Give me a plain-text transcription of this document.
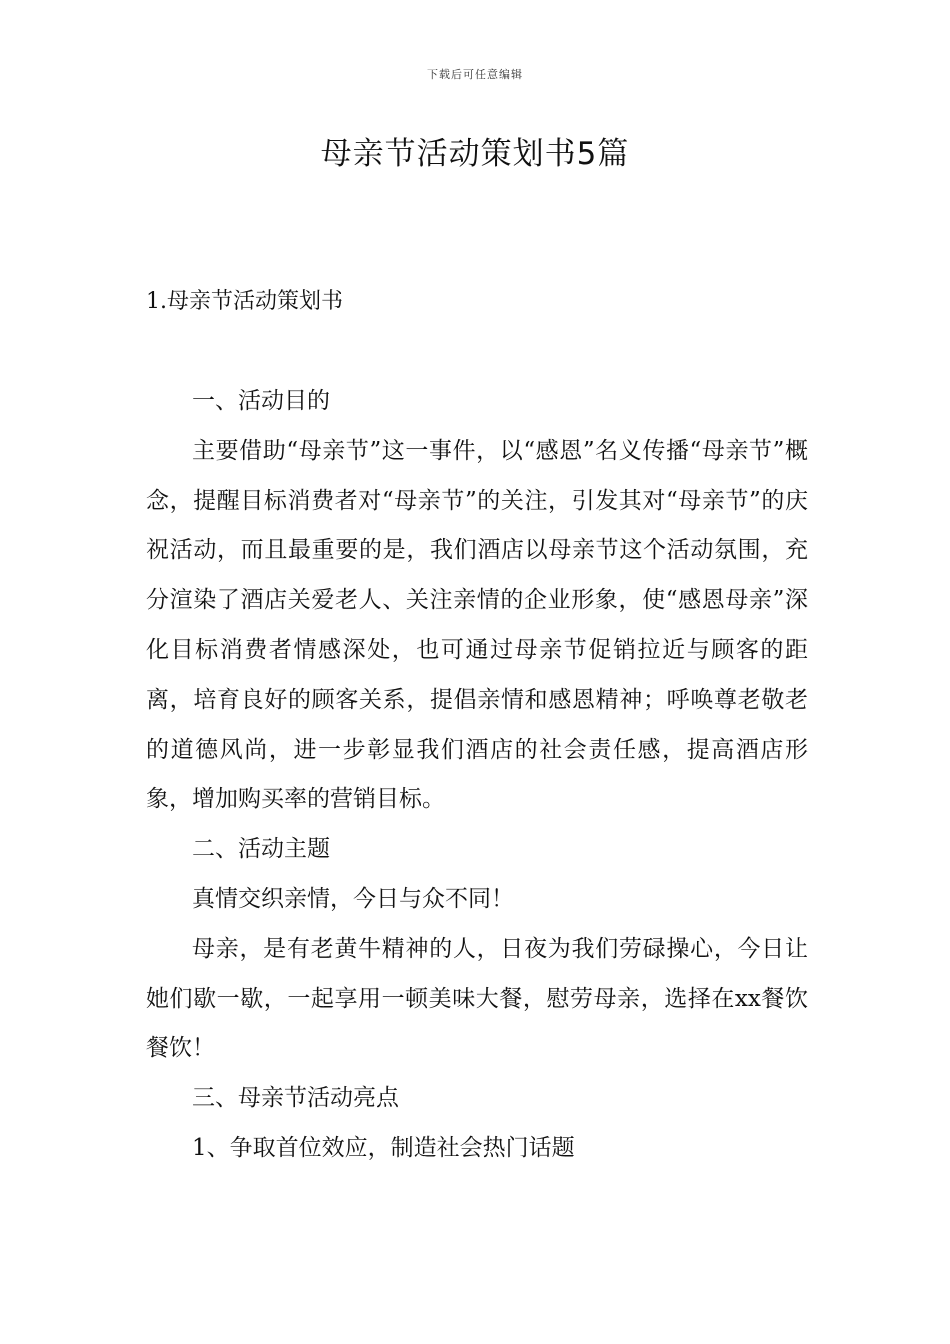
下载后可任意编辑
母亲节活动策划书5篇
1.母亲节活动策划书

一、活动目的

主要借助“母亲节”这一事件，以“感恩”名义传播“母亲节”概念，提醒目标消费者对“母亲节”的关注，引发其对“母亲节”的庆祝活动，而且最重要的是，我们酒店以母亲节这个活动氛围，充分渲染了酒店关爱老人、关注亲情的企业形象，使“感恩母亲”深化目标消费者情感深处，也可通过母亲节促销拉近与顾客的距离，培育良好的顾客关系，提倡亲情和感恩精神；呼唤尊老敬老的道德风尚，进一步彰显我们酒店的社会责任感，提高酒店形象，增加购买率的营销目标。

二、活动主题

真情交织亲情，今日与众不同！

母亲，是有老黄牛精神的人，日夜为我们劳碌操心，今日让她们歇一歇，一起享用一顿美味大餐，慰劳母亲，选择在xx餐饮餐饮！

三、母亲节活动亮点

1、争取首位效应，制造社会热门话题
